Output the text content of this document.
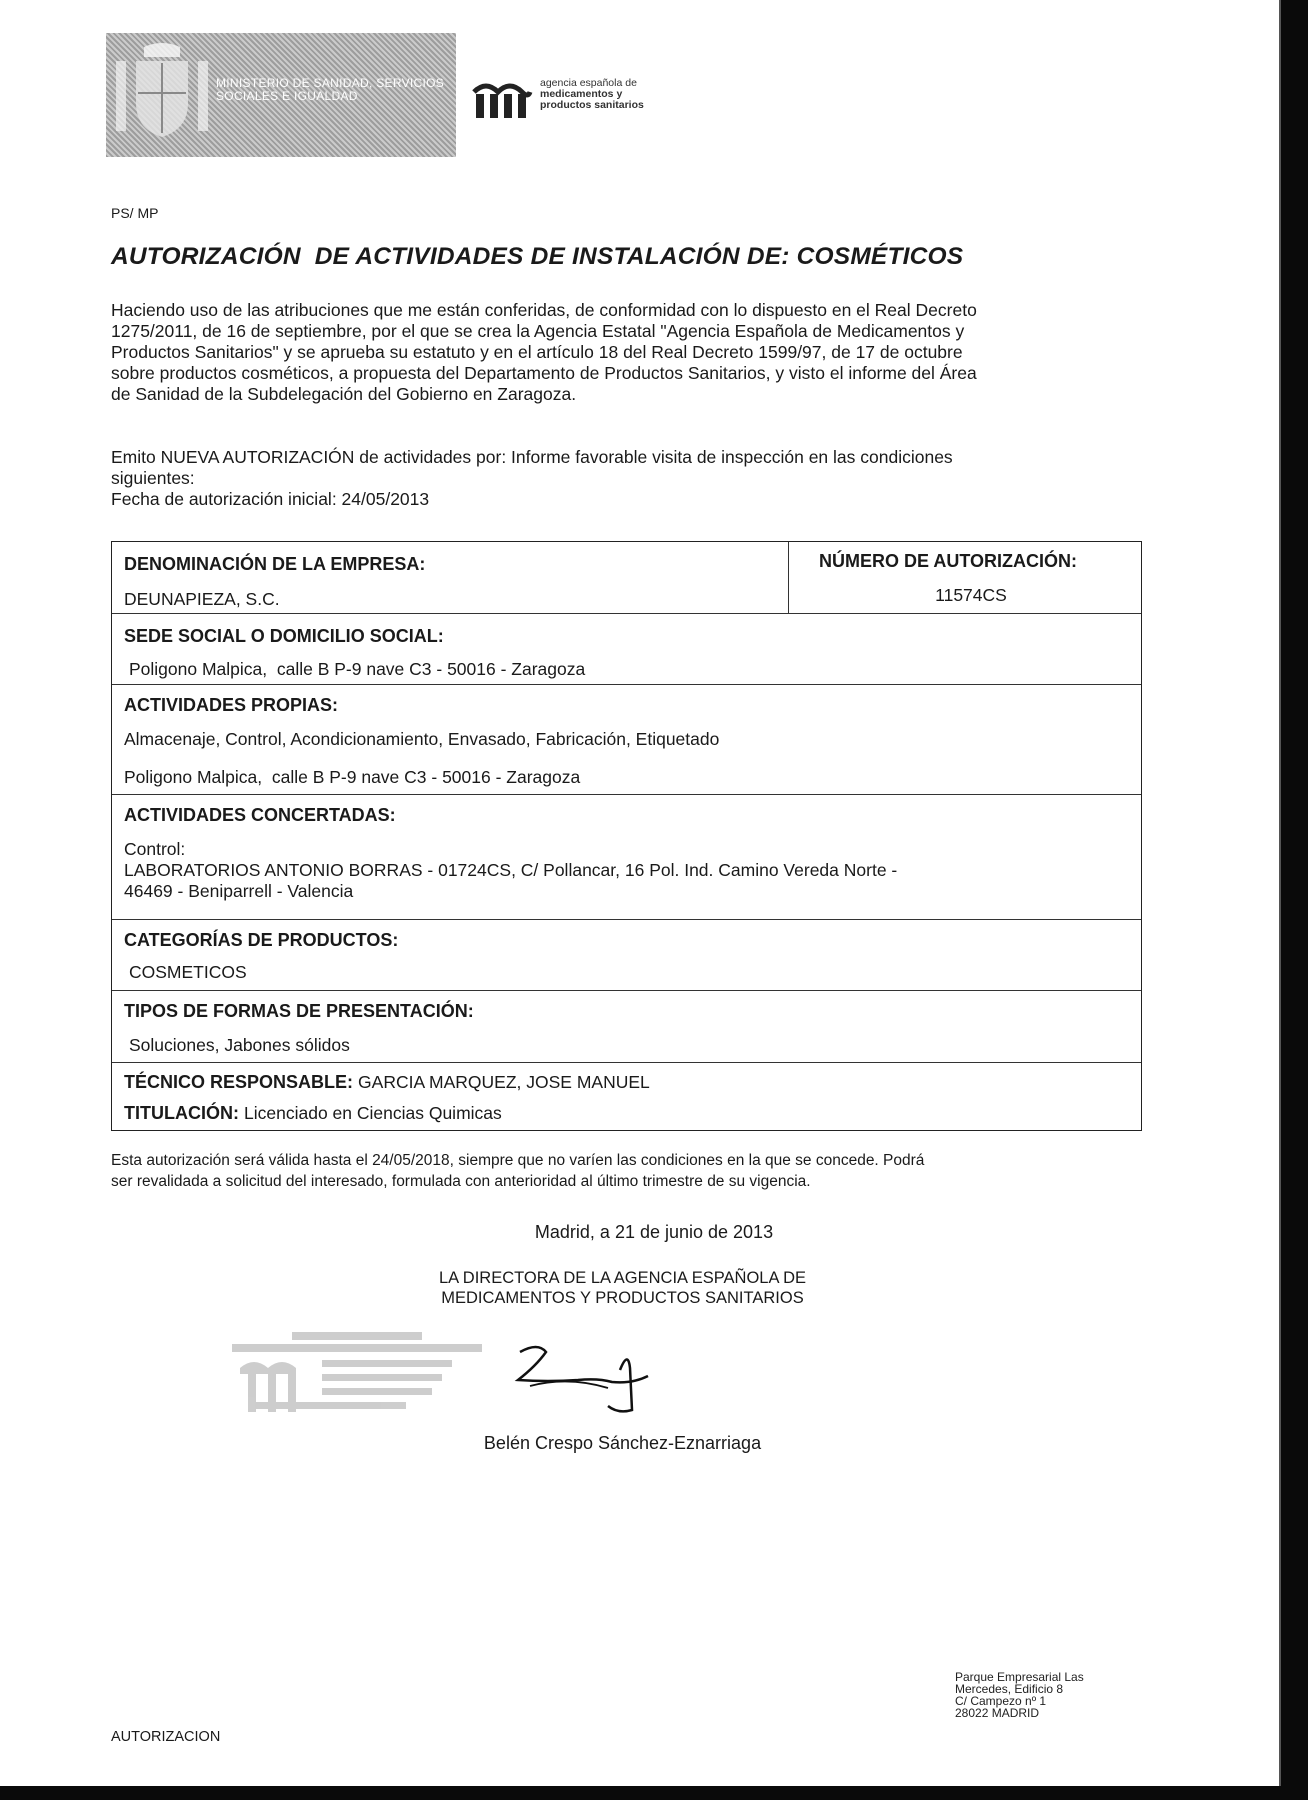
MINISTERIO DE SANIDAD, SERVICIOS SOCIALES E IGUALDAD
agencia española de
medicamentos y
productos sanitarios
PS/ MP
AUTORIZACIÓN  DE ACTIVIDADES DE INSTALACIÓN DE: COSMÉTICOS
Haciendo uso de las atribuciones que me están conferidas, de conformidad con lo dispuesto en el Real Decreto
1275/2011, de 16 de septiembre, por el que se crea la Agencia Estatal "Agencia Española de Medicamentos y
Productos Sanitarios" y se aprueba su estatuto y en el artículo 18 del Real Decreto 1599/97, de 17 de octubre
sobre productos cosméticos, a propuesta del Departamento de Productos Sanitarios, y visto el informe del Área
de Sanidad de la Subdelegación del Gobierno en Zaragoza.
Emito NUEVA AUTORIZACIÓN de actividades por: Informe favorable visita de inspección en las condiciones
siguientes:
Fecha de autorización inicial: 24/05/2013
DENOMINACIÓN DE LA EMPRESA:
DEUNAPIEZA, S.C.
NÚMERO DE AUTORIZACIÓN:
11574CS
SEDE SOCIAL O DOMICILIO SOCIAL:
Poligono Malpica,  calle B P-9 nave C3 - 50016 - Zaragoza
ACTIVIDADES PROPIAS:
Almacenaje, Control, Acondicionamiento, Envasado, Fabricación, Etiquetado
Poligono Malpica,  calle B P-9 nave C3 - 50016 - Zaragoza
ACTIVIDADES CONCERTADAS:
Control:
LABORATORIOS ANTONIO BORRAS - 01724CS, C/ Pollancar, 16 Pol. Ind. Camino Vereda Norte -
46469 - Beniparrell - Valencia
CATEGORÍAS DE PRODUCTOS:
COSMETICOS
TIPOS DE FORMAS DE PRESENTACIÓN:
Soluciones, Jabones sólidos
TÉCNICO RESPONSABLE: GARCIA MARQUEZ, JOSE MANUEL
TITULACIÓN: Licenciado en Ciencias Quimicas
Esta autorización será válida hasta el 24/05/2018, siempre que no varíen las condiciones en la que se concede. Podrá
ser revalidada a solicitud del interesado, formulada con anterioridad al último trimestre de su vigencia.
Madrid, a 21 de junio de 2013
LA DIRECTORA DE LA AGENCIA ESPAÑOLA DE
MEDICAMENTOS Y PRODUCTOS SANITARIOS
Belén Crespo Sánchez-Eznarriaga
Parque Empresarial Las
Mercedes, Edificio 8
C/ Campezo nº 1
28022 MADRID
AUTORIZACION
